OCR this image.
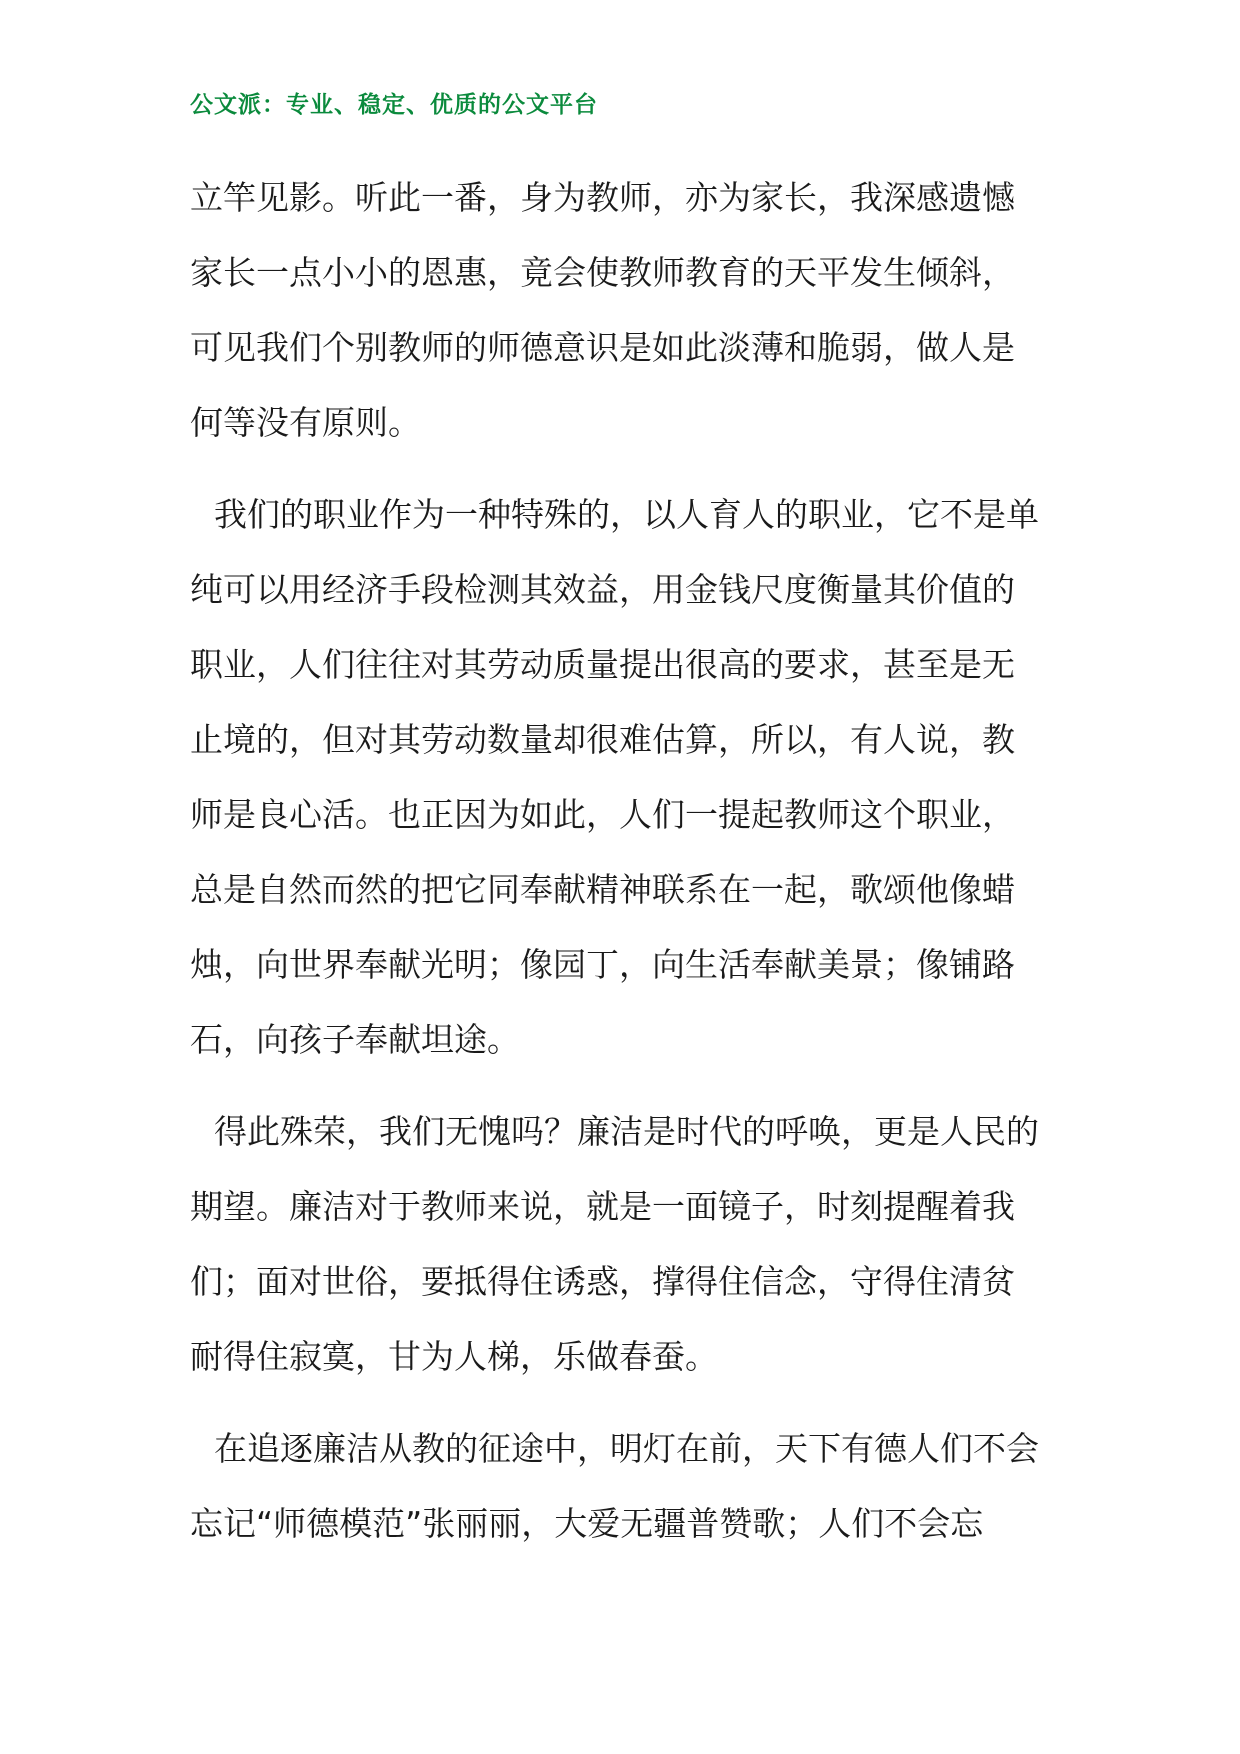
公文派：专业、稳定、优质的公文平台
立竿见影。听此一番，身为教师，亦为家长，我深感遗憾
家长一点小小的恩惠，竟会使教师教育的天平发生倾斜，
可见我们个别教师的师德意识是如此淡薄和脆弱，做人是
何等没有原则。
我们的职业作为一种特殊的，以人育人的职业，它不是单
纯可以用经济手段检测其效益，用金钱尺度衡量其价值的
职业，人们往往对其劳动质量提出很高的要求，甚至是无
止境的，但对其劳动数量却很难估算，所以，有人说，教
师是良心活。也正因为如此，人们一提起教师这个职业，
总是自然而然的把它同奉献精神联系在一起，歌颂他像蜡
烛，向世界奉献光明；像园丁，向生活奉献美景；像铺路
石，向孩子奉献坦途。
得此殊荣，我们无愧吗？廉洁是时代的呼唤，更是人民的
期望。廉洁对于教师来说，就是一面镜子，时刻提醒着我
们；面对世俗，要抵得住诱惑，撑得住信念，守得住清贫
耐得住寂寞，甘为人梯，乐做春蚕。
在追逐廉洁从教的征途中，明灯在前，天下有德人们不会
忘记“师德模范”张丽丽，大爱无疆普赞歌；人们不会忘
